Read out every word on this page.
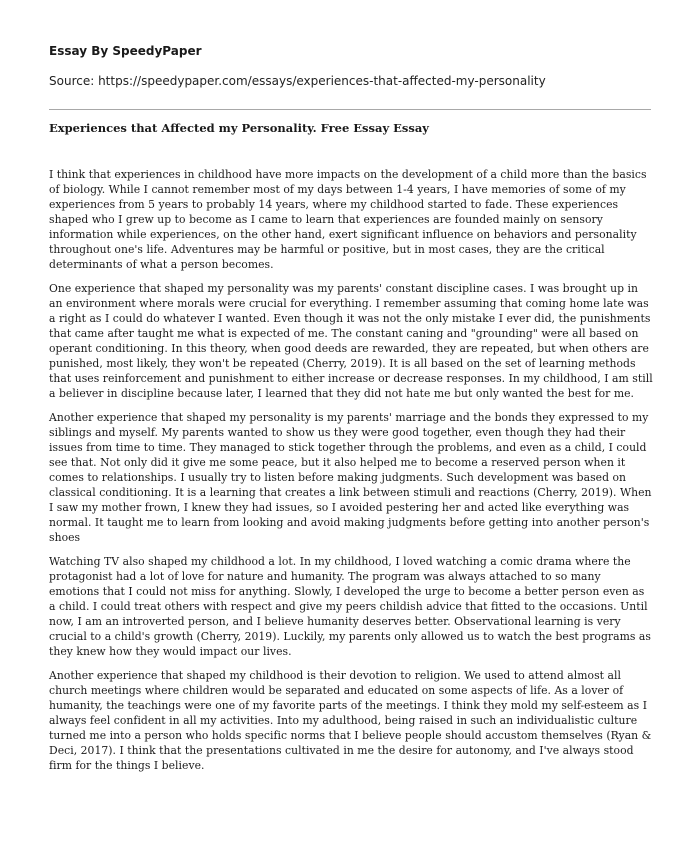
Essay By SpeedyPaper
Source: https://speedypaper.com/essays/experiences-that-affected-my-personality
Experiences that Affected my Personality. Free Essay Essay

I think that experiences in childhood have more impacts on the development of a child more than the basics of biology. While I cannot remember most of my days between 1-4 years, I have memories of some of my experiences from 5 years to probably 14 years, where my childhood started to fade. These experiences shaped who I grew up to become as I came to learn that experiences are founded mainly on sensory information while experiences, on the other hand, exert significant influence on behaviors and personality throughout one's life. Adventures may be harmful or positive, but in most cases, they are the critical determinants of what a person becomes.

One experience that shaped my personality was my parents' constant discipline cases. I was brought up in an environment where morals were crucial for everything. I remember assuming that coming home late was a right as I could do whatever I wanted. Even though it was not the only mistake I ever did, the punishments that came after taught me what is expected of me. The constant caning and "grounding" were all based on operant conditioning. In this theory, when good deeds are rewarded, they are repeated, but when others are punished, most likely, they won't be repeated (Cherry, 2019). It is all based on the set of learning methods that uses reinforcement and punishment to either increase or decrease responses. In my childhood, I am still a believer in discipline because later, I learned that they did not hate me but only wanted the best for me.

Another experience that shaped my personality is my parents' marriage and the bonds they expressed to my siblings and myself. My parents wanted to show us they were good together, even though they had their issues from time to time. They managed to stick together through the problems, and even as a child, I could see that. Not only did it give me some peace, but it also helped me to become a reserved person when it comes to relationships. I usually try to listen before making judgments. Such development was based on classical conditioning. It is a learning that creates a link between stimuli and reactions (Cherry, 2019). When I saw my mother frown, I knew they had issues, so I avoided pestering her and acted like everything was normal. It taught me to learn from looking and avoid making judgments before getting into another person's shoes

Watching TV also shaped my childhood a lot. In my childhood, I loved watching a comic drama where the protagonist had a lot of love for nature and humanity. The program was always attached to so many emotions that I could not miss for anything. Slowly, I developed the urge to become a better person even as a child. I could treat others with respect and give my peers childish advice that fitted to the occasions. Until now, I am an introverted person, and I believe humanity deserves better. Observational learning is very crucial to a child's growth (Cherry, 2019). Luckily, my parents only allowed us to watch the best programs as they knew how they would impact our lives.

Another experience that shaped my childhood is their devotion to religion. We used to attend almost all church meetings where children would be separated and educated on some aspects of life. As a lover of humanity, the teachings were one of my favorite parts of the meetings. I think they mold my self-esteem as I always feel confident in all my activities. Into my adulthood, being raised in such an individualistic culture turned me into a person who holds specific norms that I believe people should accustom themselves (Ryan & Deci, 2017). I think that the presentations cultivated in me the desire for autonomy, and I've always stood firm for the things I believe.
